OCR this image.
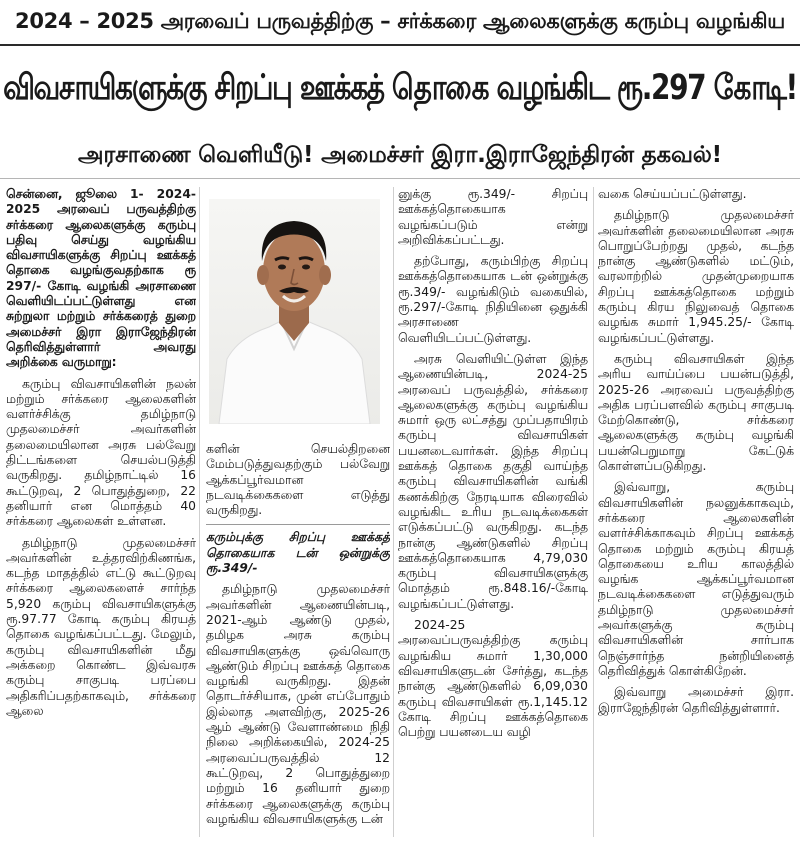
2024 – 2025 அரவைப் பருவத்திற்கு – சர்க்கரை ஆலைகளுக்கு கரும்பு வழங்கிய
விவசாயிகளுக்கு சிறப்பு ஊக்கத் தொகை வழங்கிட ரூ.297 கோடி!
அரசாணை வெளியீடு! அமைச்சர் இரா.இராஜேந்திரன் தகவல்!

சென்னை, ஜூலை 1- 2024-2025 அரவைப் பருவத்திற்கு சர்க்கரை ஆலைகளுக்கு கரும்பு பதிவு செய்து வழங்கிய விவசாயிகளுக்கு சிறப்பு ஊக்கத் தொகை வழங்குவதற்காக ரூ 297/- கோடி வழங்கி அரசாணை வெளியிடப்பட்டுள்ளது என சுற்றுலா மற்றும் சர்க்கரைத் துறை அமைச்சர் இரா இராஜேந்திரன் தெரிவித்துள்ளார் அவரது அறிக்கை வருமாறு:

கரும்பு விவசாயிகளின் நலன் மற்றும் சர்க்கரை ஆலைகளின் வளர்ச்சிக்கு தமிழ்நாடு முதலமைச்சர் அவர்களின் தலைமையிலான அரசு பல்வேறு திட்டங்களை செயல்படுத்தி வருகிறது. தமிழ்நாட்டில் 16 கூட்டுறவு, 2 பொதுத்துறை, 22 தனியார் என மொத்தம் 40 சர்க்கரை ஆலைகள் உள்ளன.

தமிழ்நாடு முதலமைச்சர் அவர்களின் உத்தரவிற்கிணங்க, கடந்த மாதத்தில் எட்டு கூட்டுறவு சர்க்கரை ஆலைகளைச் சார்ந்த 5,920 கரும்பு விவசாயிகளுக்கு ரூ.97.77 கோடி கரும்பு கிரயத் தொகை வழங்கப்பட்டது. மேலும், கரும்பு விவசாயிகளின் மீது அக்கறை கொண்ட இவ்வரசு கரும்பு சாகுபடி பரப்பை அதிகரிப்பதற்காகவும், சர்க்கரை ஆலை

களின் செயல்திறனை மேம்படுத்துவதற்கும் பல்வேறு ஆக்கப்பூர்வமான நடவடிக்கைகளை எடுத்து வருகிறது.

கரும்புக்கு சிறப்பு ஊக்கத் தொகையாக டன் ஒன்றுக்கு ரூ.349/-

தமிழ்நாடு முதலமைச்சர் அவர்களின் ஆணையின்படி, 2021-ஆம் ஆண்டு முதல், தமிழக அரசு கரும்பு விவசாயிகளுக்கு ஒவ்வொரு ஆண்டும் சிறப்பு ஊக்கத் தொகை வழங்கி வருகிறது. இதன் தொடர்ச்சியாக, முன் எப்போதும் இல்லாத அளவிற்கு, 2025-26 ஆம் ஆண்டு வேளாண்மை நிதி நிலை அறிக்கையில், 2024-25 அரவைப்பருவத்தில் 12 கூட்டுறவு, 2 பொதுத்துறை மற்றும் 16 தனியார் துறை சர்க்கரை ஆலைகளுக்கு கரும்பு வழங்கிய விவசாயிகளுக்கு டன்

னுக்கு ரூ.349/- சிறப்பு ஊக்கத்தொகையாக வழங்கப்படும் என்று அறிவிக்கப்பட்டது.

தற்போது, கரும்பிற்கு சிறப்பு ஊக்கத்தொகையாக டன் ஒன்றுக்கு ரூ.349/- வழங்கிடும் வகையில், ரூ.297/-கோடி நிதியினை ஒதுக்கி அரசாணை வெளியிடப்பட்டுள்ளது.

அரசு வெளியிட்டுள்ள இந்த ஆணையின்படி, 2024-25 அரவைப் பருவத்தில், சர்க்கரை ஆலைகளுக்கு கரும்பு வழங்கிய சுமார் ஒரு லட்சத்து முப்பதாயிரம் கரும்பு விவசாயிகள் பயனடைவார்கள். இந்த சிறப்பு ஊக்கத் தொகை தகுதி வாய்ந்த கரும்பு விவசாயிகளின் வங்கி கணக்கிற்கு நேரடியாக விரைவில் வழங்கிட உரிய நடவடிக்கைகள் எடுக்கப்பட்டு வருகிறது. கடந்த நான்கு ஆண்டுகளில் சிறப்பு ஊக்கத்தொகையாக 4,79,030 கரும்பு விவசாயிகளுக்கு மொத்தம் ரூ.848.16/-கோடி வழங்கப்பட்டுள்ளது.

2024-25 அரவைப்பருவத்திற்கு கரும்பு வழங்கிய சுமார் 1,30,000 விவசாயிகளுடன் சேர்த்து, கடந்த நான்கு ஆண்டுகளில் 6,09,030 கரும்பு விவசாயிகள் ரூ.1,145.12 கோடி சிறப்பு ஊக்கத்தொகை பெற்று பயனடைய வழி

வகை செய்யப்பட்டுள்ளது.

தமிழ்நாடு முதலமைச்சர் அவர்களின் தலைமையிலான அரசு பொறுப்பேற்றது முதல், கடந்த நான்கு ஆண்டுகளில் மட்டும், வரலாற்றில் முதன்முறையாக சிறப்பு ஊக்கத்தொகை மற்றும் கரும்பு கிரய நிலுவைத் தொகை வழங்க சுமார் 1,945.25/- கோடி வழங்கப்பட்டுள்ளது.

கரும்பு விவசாயிகள் இந்த அரிய வாய்ப்பை பயன்படுத்தி, 2025-26 அரவைப் பருவத்திற்கு அதிக பரப்பளவில் கரும்பு சாகுபடி மேற்கொண்டு, சர்க்கரை ஆலைகளுக்கு கரும்பு வழங்கி பயன்பெறுமாறு கேட்டுக் கொள்ளப்படுகிறது.

இவ்வாறு, கரும்பு விவசாயிகளின் நலனுக்காகவும், சர்க்கரை ஆலைகளின் வளர்ச்சிக்காகவும் சிறப்பு ஊக்கத் தொகை மற்றும் கரும்பு கிரயத் தொகையை உரிய காலத்தில் வழங்க ஆக்கப்பூர்வமான நடவடிக்கைகளை எடுத்துவரும் தமிழ்நாடு முதலமைச்சர் அவர்களுக்கு கரும்பு விவசாயிகளின் சார்பாக நெஞ்சார்ந்த நன்றியினைத் தெரிவித்துக் கொள்கிறேன்.

இவ்வாறு அமைச்சர் இரா. இராஜேந்திரன் தெரிவித்துள்ளார்.
